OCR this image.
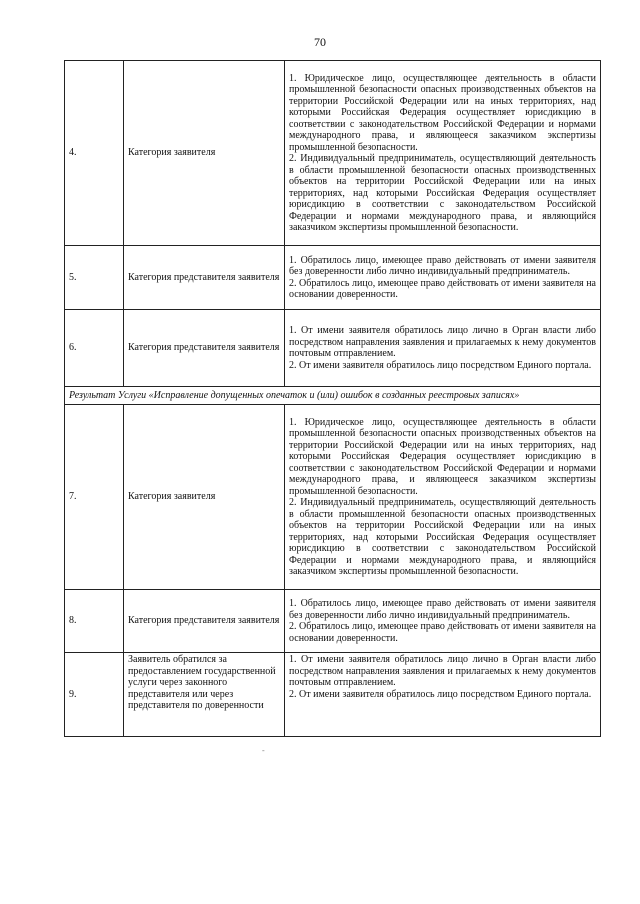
70
4.	Категория заявителя	1. Юридическое лицо, осуществляющее деятельность в области промышленной безопасности опасных производственных объектов на территории Российской Федерации или на иных территориях, над которыми Российская Федерация осуществляет юрисдикцию в соответствии с законодательством Российской Федерации и нормами международного права, и являющееся заказчиком экспертизы промышленной безопасности.

2. Индивидуальный предприниматель, осуществляющий деятельность в области промышленной безопасности опасных производственных объектов на территории Российской Федерации или на иных территориях, над которыми Российская Федерация осуществляет юрисдикцию в соответствии с законодательством Российской Федерации и нормами международного права, и являющийся заказчиком экспертизы промышленной безопасности.

5.	Категория представителя заявителя	1. Обратилось лицо, имеющее право действовать от имени заявителя без доверенности либо лично индивидуальный предприниматель.

2. Обратилось лицо, имеющее право действовать от имени заявителя на основании доверенности.

6.	Категория представителя заявителя	1. От имени заявителя обратилось лицо лично в Орган власти либо посредством направления заявления и прилагаемых к нему документов почтовым отправлением.

2. От имени заявителя обратилось лицо посредством Единого портала.

Результат Услуги «Исправление допущенных опечаток и (или) ошибок в созданных реестровых записях»		
7.	Категория заявителя	1. Юридическое лицо, осуществляющее деятельность в области промышленной безопасности опасных производственных объектов на территории Российской Федерации или на иных территориях, над которыми Российская Федерация осуществляет юрисдикцию в соответствии с законодательством Российской Федерации и нормами международного права, и являющееся заказчиком экспертизы промышленной безопасности.

2. Индивидуальный предприниматель, осуществляющий деятельность в области промышленной безопасности опасных производственных объектов на территории Российской Федерации или на иных территориях, над которыми Российская Федерация осуществляет юрисдикцию в соответствии с законодательством Российской Федерации и нормами международного права, и являющийся заказчиком экспертизы промышленной безопасности.

8.	Категория представителя заявителя	1. Обратилось лицо, имеющее право действовать от имени заявителя без доверенности либо лично индивидуальный предприниматель.

2. Обратилось лицо, имеющее право действовать от имени заявителя на основании доверенности.

9.	Заявитель обратился за предоставлением государственной услуги через законного представителя или через представителя по доверенности	1. От имени заявителя обратилось лицо лично в Орган власти либо посредством направления заявления и прилагаемых к нему документов почтовым отправлением.

2. От имени заявителя обратилось лицо посредством Единого портала.

-
